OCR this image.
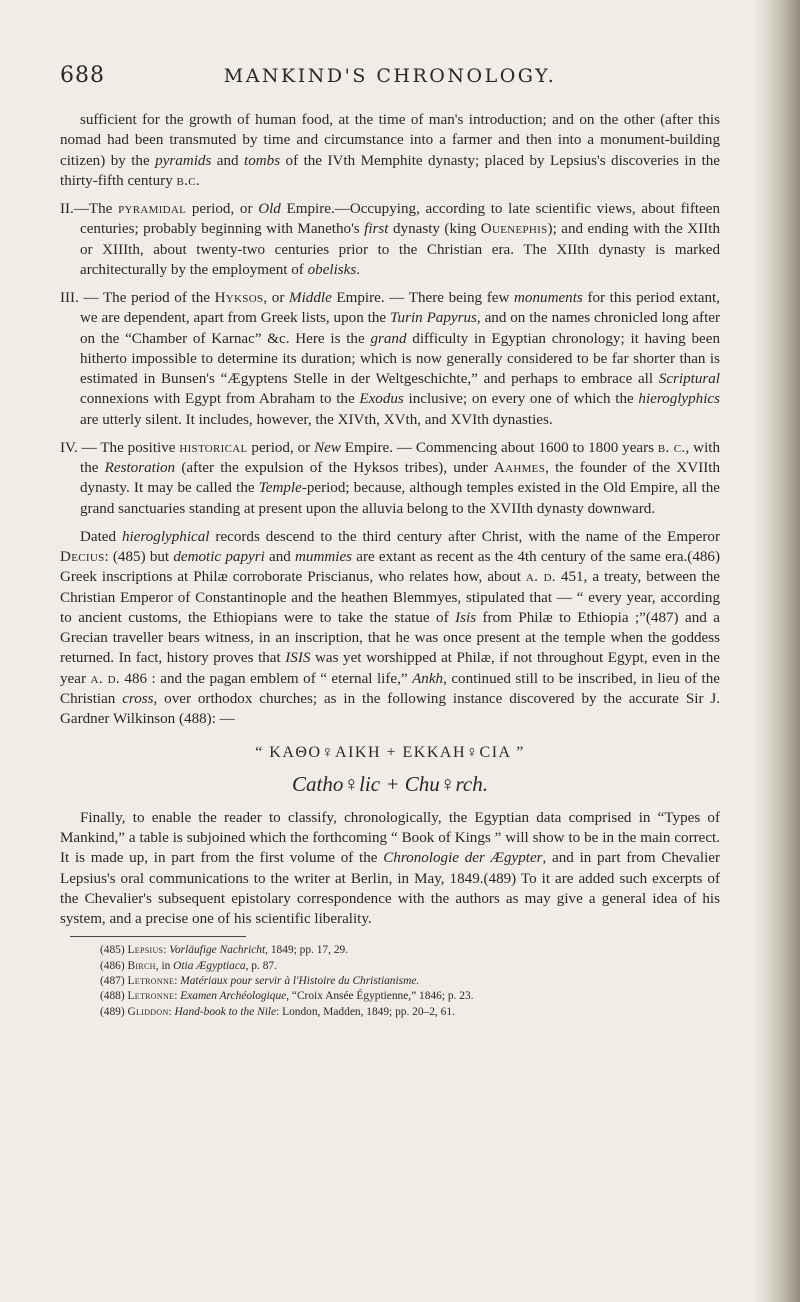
688	MANKIND'S CHRONOLOGY.

sufficient for the growth of human food, at the time of man's introduction; and on the other (after this nomad had been transmuted by time and circumstance into a farmer and then into a monument-building citizen) by the pyramids and tombs of the IVth Memphite dynasty; placed by Lepsius's discoveries in the thirty-fifth century b.c.

II.—The pyramidal period, or Old Empire.—Occupying, according to late scientific views, about fifteen centuries; probably beginning with Manetho's first dynasty (king Ouenephis); and ending with the XIIth or XIIIth, about twenty-two centuries prior to the Christian era. The XIIth dynasty is marked architecturally by the employment of obelisks.

III. — The period of the Hyksos, or Middle Empire. — There being few monuments for this period extant, we are dependent, apart from Greek lists, upon the Turin Papyrus, and on the names chronicled long after on the “Chamber of Karnac” &c. Here is the grand difficulty in Egyptian chronology; it having been hitherto impossible to determine its duration; which is now generally considered to be far shorter than is estimated in Bunsen's “Ægyptens Stelle in der Weltgeschichte,” and perhaps to embrace all Scriptural connexions with Egypt from Abraham to the Exodus inclusive; on every one of which the hieroglyphics are utterly silent. It includes, however, the XIVth, XVth, and XVIth dynasties.

IV. — The positive historical period, or New Empire. — Commencing about 1600 to 1800 years b. c., with the Restoration (after the expulsion of the Hyksos tribes), under Aahmes, the founder of the XVIIth dynasty. It may be called the Temple-period; because, although temples existed in the Old Empire, all the grand sanctuaries standing at present upon the alluvia belong to the XVIIth dynasty downward.

Dated hieroglyphical records descend to the third century after Christ, with the name of the Emperor Decius: (485) but demotic papyri and mummies are extant as recent as the 4th century of the same era.(486) Greek inscriptions at Philæ corroborate Priscianus, who relates how, about a. d. 451, a treaty, between the Christian Emperor of Constantinople and the heathen Blemmyes, stipulated that — “ every year, according to ancient customs, the Ethiopians were to take the statue of Isis from Philæ to Ethiopia ;”(487) and a Grecian traveller bears witness, in an inscription, that he was once present at the temple when the goddess returned. In fact, history proves that ISIS was yet worshipped at Philæ, if not throughout Egypt, even in the year a. d. 486 : and the pagan emblem of “ eternal life,” Ankh, continued still to be inscribed, in lieu of the Christian cross, over orthodox churches; as in the following instance discovered by the accurate Sir J. Gardner Wilkinson (488): —

“ KAΘO♀AIKH + EKKAH♀CIA ”

Catho♀lic + Chu♀rch.

Finally, to enable the reader to classify, chronologically, the Egyptian data comprised in “Types of Mankind,” a table is subjoined which the forthcoming “ Book of Kings ” will show to be in the main correct. It is made up, in part from the first volume of the Chronologie der Ægypter, and in part from Chevalier Lepsius's oral communications to the writer at Berlin, in May, 1849.(489) To it are added such excerpts of the Chevalier's subsequent epistolary correspondence with the authors as may give a general idea of his system, and a precise one of his scientific liberality.

(485) Lepsius: Vorläufige Nachricht, 1849; pp. 17, 29.

(486) Birch, in Otia Ægyptiaca, p. 87.

(487) Letronne: Matériaux pour servir à l'Histoire du Christianisme.

(488) Letronne: Examen Archéologique, “Croix Ansée Égyptienne,” 1846; p. 23.

(489) Gliddon: Hand-book to the Nile: London, Madden, 1849; pp. 20–2, 61.
